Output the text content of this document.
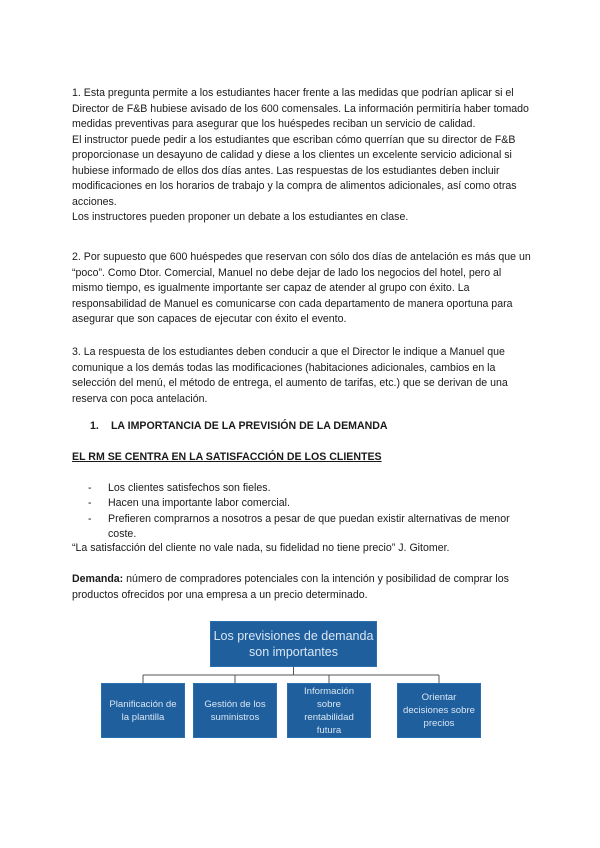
1. Esta pregunta permite a los estudiantes hacer frente a las medidas que podrían aplicar si el Director de F&B hubiese avisado de los 600 comensales. La información permitiría haber tomado medidas preventivas para asegurar que los huéspedes reciban un servicio de calidad.
El instructor puede pedir a los estudiantes que escriban cómo querrían que su director de F&B proporcionase un desayuno de calidad y diese a los clientes un excelente servicio adicional si hubiese informado de ellos dos días antes. Las respuestas de los estudiantes deben incluir modificaciones en los horarios de trabajo y la compra de alimentos adicionales, así como otras acciones.
Los instructores pueden proponer un debate a los estudiantes en clase.

2. Por supuesto que 600 huéspedes que reservan con sólo dos días de antelación es más que un “poco”. Como Dtor. Comercial, Manuel no debe dejar de lado los negocios del hotel, pero al mismo tiempo, es igualmente importante ser capaz de atender al grupo con éxito. La responsabilidad de Manuel es comunicarse con cada departamento de manera oportuna para asegurar que son capaces de ejecutar con éxito el evento.

3. La respuesta de los estudiantes deben conducir a que el Director le indique a Manuel que comunique a los demás todas las modificaciones (habitaciones adicionales, cambios en la selección del menú, el método de entrega, el aumento de tarifas, etc.) que se derivan de una reserva con poca antelación.

1. LA IMPORTANCIA DE LA PREVISIÓN DE LA DEMANDA
EL RM SE CENTRA EN LA SATISFACCIÓN DE LOS CLIENTES
- Los clientes satisfechos son fieles.
- Hacen una importante labor comercial.
- Prefieren comprarnos a nosotros a pesar de que puedan existir alternativas de menor coste.
“La satisfacción del cliente no vale nada, su fidelidad no tiene precio” J. Gitomer.

Demanda: número de compradores potenciales con la intención y posibilidad de comprar los productos ofrecidos por una empresa a un precio determinado.

Los previsiones de demanda son importantes
Planificación de la plantilla
Gestión de los suministros
Información sobre rentabilidad futura
Orientar decisiones sobre precios
